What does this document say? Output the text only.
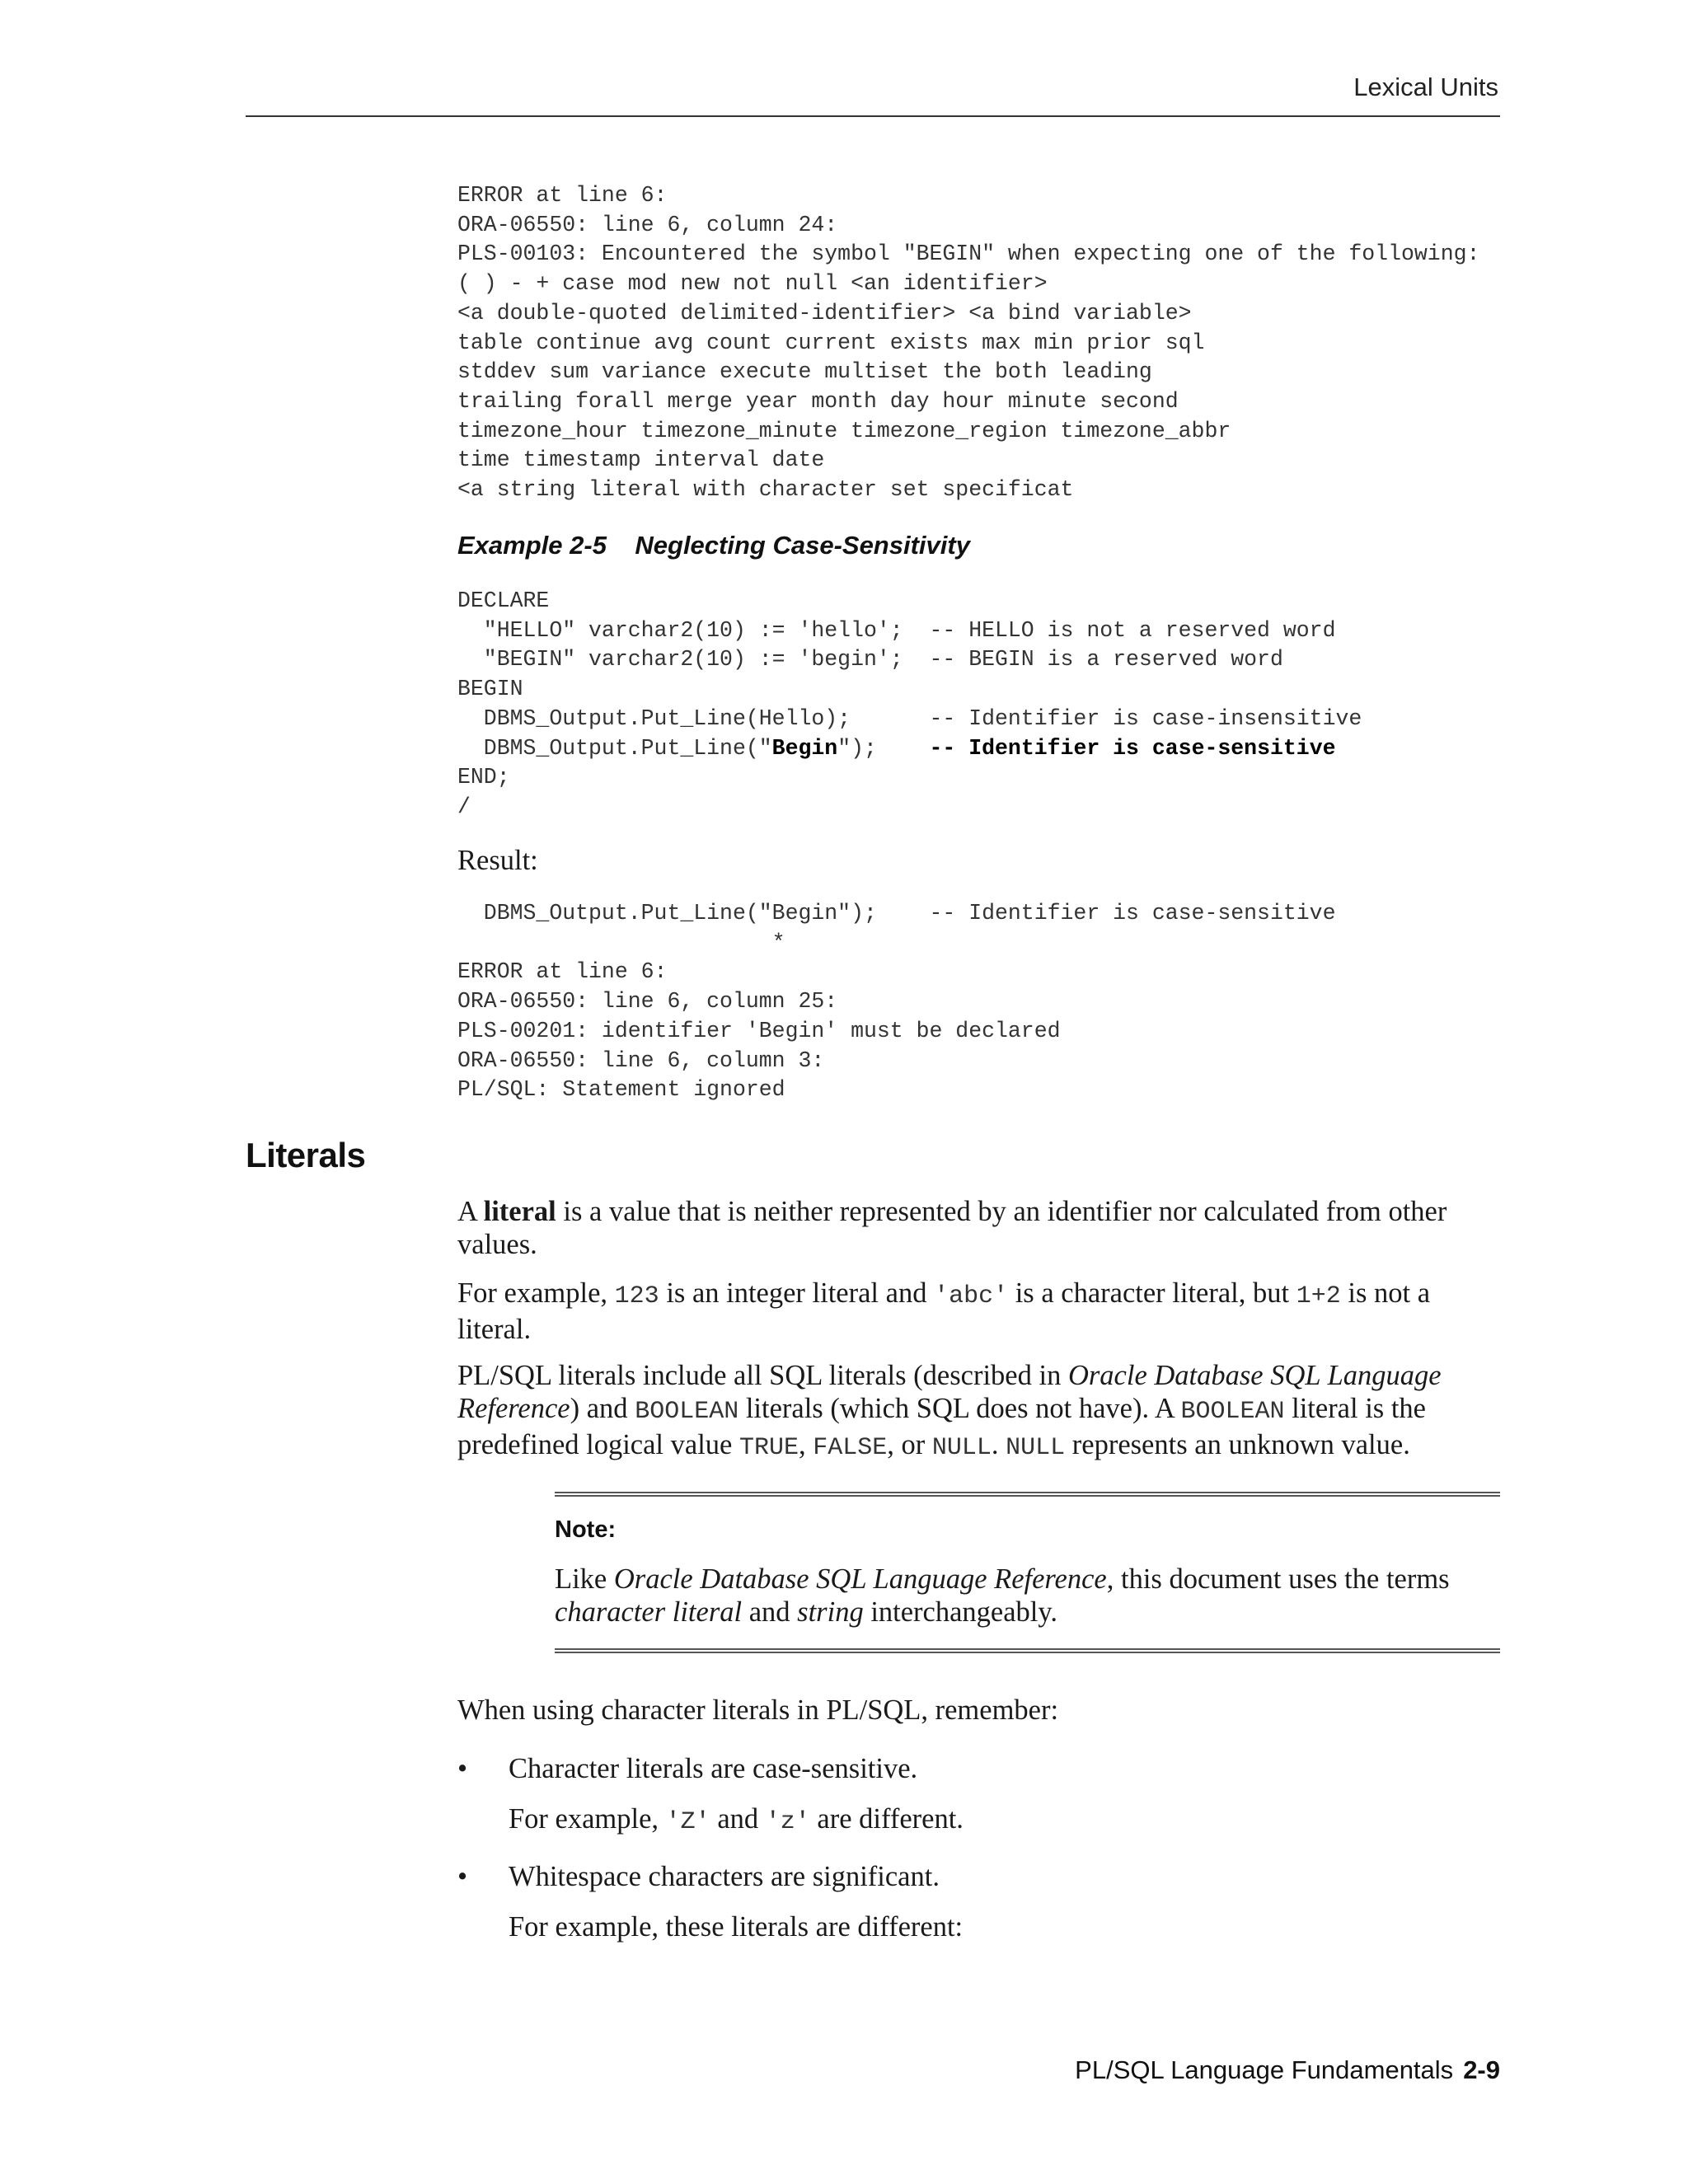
Lexical Units
ERROR at line 6:
ORA-06550: line 6, column 24:
PLS-00103: Encountered the symbol "BEGIN" when expecting one of the following:
( ) - + case mod new not null <an identifier>
<a double-quoted delimited-identifier> <a bind variable>
table continue avg count current exists max min prior sql
stddev sum variance execute multiset the both leading
trailing forall merge year month day hour minute second
timezone_hour timezone_minute timezone_region timezone_abbr
time timestamp interval date
<a string literal with character set specificat

Example 2-5    Neglecting Case-Sensitivity

DECLARE
"HELLO" varchar2(10) := 'hello';  -- HELLO is not a reserved word
"BEGIN" varchar2(10) := 'begin';  -- BEGIN is a reserved word
BEGIN
DBMS_Output.Put_Line(Hello);      -- Identifier is case-insensitive
DBMS_Output.Put_Line("Begin");    -- Identifier is case-sensitive
END;
/

Result:

DBMS_Output.Put_Line("Begin");    -- Identifier is case-sensitive
*
ERROR at line 6:
ORA-06550: line 6, column 25:
PLS-00201: identifier 'Begin' must be declared
ORA-06550: line 6, column 3:
PL/SQL: Statement ignored
Literals

A literal is a value that is neither represented by an identifier nor calculated from other values.

For example, 123 is an integer literal and 'abc' is a character literal, but 1+2 is not a literal.

PL/SQL literals include all SQL literals (described in Oracle Database SQL Language Reference) and BOOLEAN literals (which SQL does not have). A BOOLEAN literal is the predefined logical value TRUE, FALSE, or NULL. NULL represents an unknown value.

Note:

Like Oracle Database SQL Language Reference, this document uses the terms character literal and string interchangeably.

When using character literals in PL/SQL, remember:

• Character literals are case-sensitive.

For example, 'Z' and 'z' are different.

• Whitespace characters are significant.

For example, these literals are different:

PL/SQL Language Fundamentals 2-9
